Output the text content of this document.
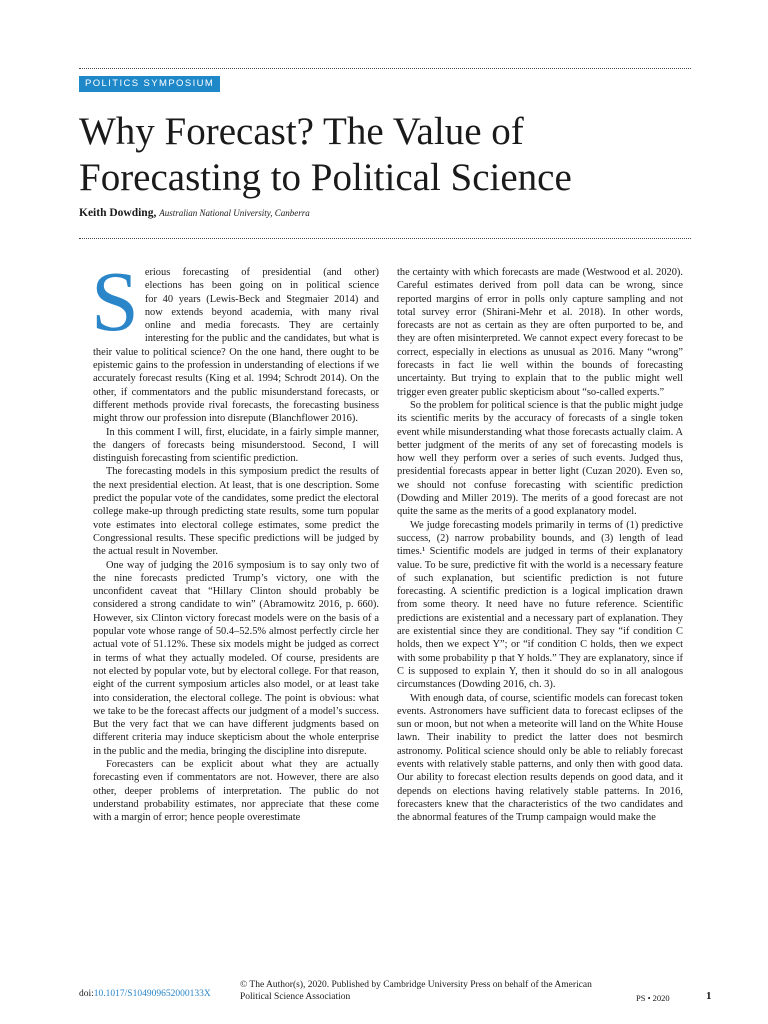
POLITICS SYMPOSIUM
Why Forecast? The Value of
Forecasting to Political Science
Keith Dowding, Australian National University, Canberra

S erious forecasting of presidential (and other)
elections has been going on in political science
for 40 years (Lewis-Beck and Stegmaier 2014) and
now extends beyond academia, with many rival
online and media forecasts. They are certainly
interesting for the public and the candidates, but what is their value to political science? On the one hand, there ought to be epistemic gains to the profession in understanding of elections if we accurately forecast results (King et al. 1994; Schrodt 2014). On the other, if commentators and the public misunderstand forecasts, or different methods provide rival forecasts, the forecasting business might throw our profession into disrepute (Blanchflower 2016).

In this comment I will, first, elucidate, in a fairly simple manner, the dangers of forecasts being misunderstood. Second, I will distinguish forecasting from scientific prediction.

The forecasting models in this symposium predict the results of the next presidential election. At least, that is one description. Some predict the popular vote of the candidates, some predict the electoral college make-up through predicting state results, some turn popular vote estimates into electoral college estimates, some predict the Congressional results. These specific predictions will be judged by the actual result in November.

One way of judging the 2016 symposium is to say only two of the nine forecasts predicted Trump’s victory, one with the unconfident caveat that “Hillary Clinton should probably be considered a strong candidate to win” (Abramowitz 2016, p. 660). However, six Clinton victory forecast models were on the basis of a popular vote whose range of 50.4–52.5% almost perfectly circle her actual vote of 51.12%. These six models might be judged as correct in terms of what they actually modeled. Of course, presidents are not elected by popular vote, but by electoral college. For that reason, eight of the current symposium articles also model, or at least take into consideration, the electoral college. The point is obvious: what we take to be the forecast affects our judgment of a model’s success. But the very fact that we can have different judgments based on different criteria may induce skepticism about the whole enterprise in the public and the media, bringing the discipline into disrepute.

Forecasters can be explicit about what they are actually forecasting even if commentators are not. However, there are also other, deeper problems of interpretation. The public do not understand probability estimates, nor appreciate that these come with a margin of error; hence people overestimate

the certainty with which forecasts are made (Westwood et al. 2020). Careful estimates derived from poll data can be wrong, since reported margins of error in polls only capture sampling and not total survey error (Shirani-Mehr et al. 2018). In other words, forecasts are not as certain as they are often purported to be, and they are often misinterpreted. We cannot expect every forecast to be correct, especially in elections as unusual as 2016. Many “wrong” forecasts in fact lie well within the bounds of forecasting uncertainty. But trying to explain that to the public might well trigger even greater public skepticism about “so-called experts.”

So the problem for political science is that the public might judge its scientific merits by the accuracy of forecasts of a single token event while misunderstanding what those forecasts actually claim. A better judgment of the merits of any set of forecasting models is how well they perform over a series of such events. Judged thus, presidential forecasts appear in better light (Cuzan 2020). Even so, we should not confuse forecasting with scientific prediction (Dowding and Miller 2019). The merits of a good forecast are not quite the same as the merits of a good explanatory model.

We judge forecasting models primarily in terms of (1) predictive success, (2) narrow probability bounds, and (3) length of lead times.¹ Scientific models are judged in terms of their explanatory value. To be sure, predictive fit with the world is a necessary feature of such explanation, but scientific prediction is not future forecasting. A scientific prediction is a logical implication drawn from some theory. It need have no future reference. Scientific predictions are existential and a necessary part of explanation. They are existential since they are conditional. They say “if condition C holds, then we expect Y”; or “if condition C holds, then we expect with some probability p that Y holds.” They are explanatory, since if C is supposed to explain Y, then it should do so in all analogous circumstances (Dowding 2016, ch. 3).

With enough data, of course, scientific models can forecast token events. Astronomers have sufficient data to forecast eclipses of the sun or moon, but not when a meteorite will land on the White House lawn. Their inability to predict the latter does not besmirch astronomy. Political science should only be able to reliably forecast events with relatively stable patterns, and only then with good data. Our ability to forecast election results depends on good data, and it depends on elections having relatively stable patterns. In 2016, forecasters knew that the characteristics of the two candidates and the abnormal features of the Trump campaign would make the

doi:10.1017/S104909652000133X
© The Author(s), 2020. Published by Cambridge University Press on behalf of the American
Political Science Association	PS • 2020	1
